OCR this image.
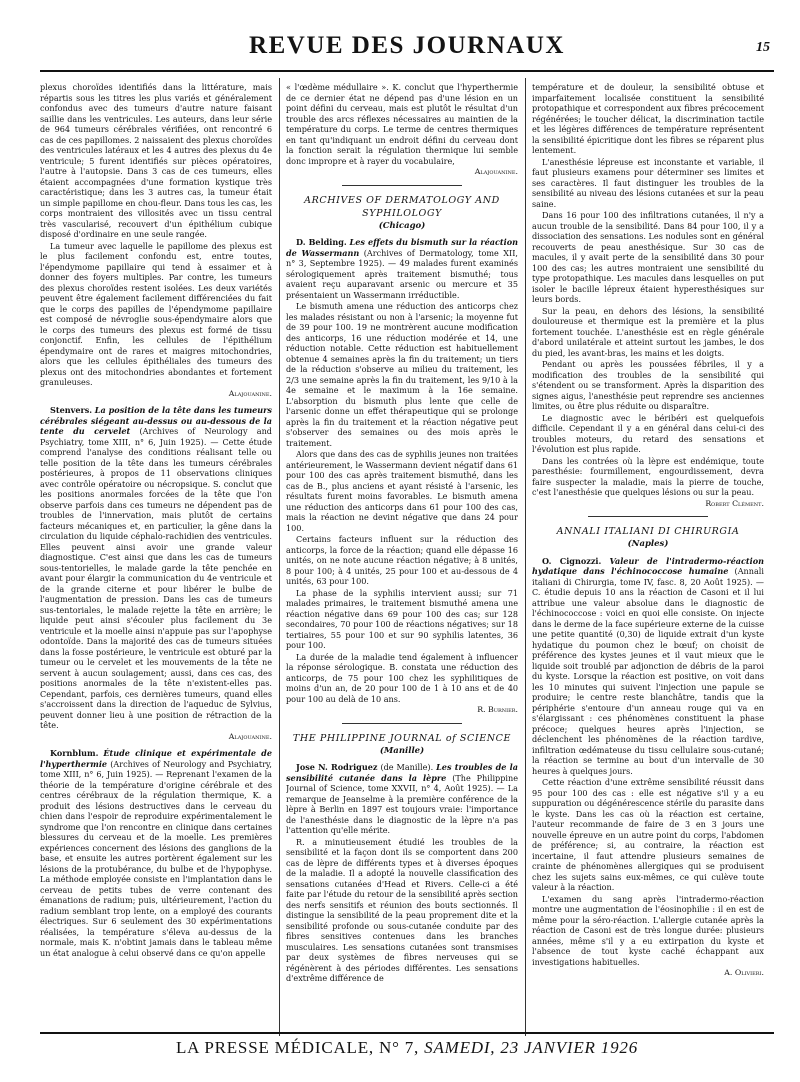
REVUE DES JOURNAUX	15

plexus choroïdes identifiés dans la littérature, mais répartis sous les titres les plus variés et généralement confondus avec des tumeurs d'autre nature faisant saillie dans les ventricules. Les auteurs, dans leur série de 964 tumeurs cérébrales vérifiées, ont rencontré 6 cas de ces papillomes. 2 naissaient des plexus choroïdes des ventricules latéraux et les 4 autres des plexus du 4e ventricule; 5 furent identifiés sur pièces opératoires, l'autre à l'autopsie. Dans 3 cas de ces tumeurs, elles étaient accompagnées d'une formation kystique très caractéristique; dans les 3 autres cas, la tumeur était un simple papillome en chou-fleur. Dans tous les cas, les corps montraient des villosités avec un tissu central très vascularisé, recouvert d'un épithélium cubique disposé d'ordinaire en une seule rangée.

La tumeur avec laquelle le papillome des plexus est le plus facilement confondu est, entre toutes, l'épendymome papillaire qui tend à essaimer et à donner des foyers multiples. Par contre, les tumeurs des plexus choroïdes restent isolées. Les deux variétés peuvent être également facilement différenciées du fait que le corps des papilles de l'épendymome papillaire est composé de névroglie sous-épendymaire alors que le corps des tumeurs des plexus est formé de tissu conjonctif. Enfin, les cellules de l'épithélium épendymaire ont de rares et maigres mitochondries, alors que les cellules épithéliales des tumeurs des plexus ont des mitochondries abondantes et fortement granuleuses.

Alajouanine.

Stenvers. La position de la tête dans les tumeurs cérébrales siégeant au-dessus ou au-dessous de la tente du cervelet (Archives of Neurology and Psychiatry, tome XIII, n° 6, Juin 1925). — Cette étude comprend l'analyse des conditions réalisant telle ou telle position de la tête dans les tumeurs cérébrales postérieures, à propos de 11 observations cliniques avec contrôle opératoire ou nécropsique. S. conclut que les positions anormales forcées de la tête que l'on observe parfois dans ces tumeurs ne dépendent pas de troubles de l'innervation, mais plutôt de certains facteurs mécaniques et, en particulier, la gêne dans la circulation du liquide céphalo-rachidien des ventricules. Elles peuvent ainsi avoir une grande valeur diagnostique. C'est ainsi que dans les cas de tumeurs sous-tentorielles, le malade garde la tête penchée en avant pour élargir la communication du 4e ventricule et de la grande citerne et pour libérer le bulbe de l'augmentation de pression. Dans les cas de tumeurs sus-tentoriales, le malade rejette la tête en arrière; le liquide peut ainsi s'écouler plus facilement du 3e ventricule et la moelle ainsi n'appuie pas sur l'apophyse odontoïde. Dans la majorité des cas de tumeurs situées dans la fosse postérieure, le ventricule est obturé par la tumeur ou le cervelet et les mouvements de la tête ne servent à aucun soulagement; aussi, dans ces cas, des positions anormales de la tête n'existent-elles pas. Cependant, parfois, ces dernières tumeurs, quand elles s'accroissent dans la direction de l'aqueduc de Sylvius, peuvent donner lieu à une position de rétraction de la tête.

Alajouanine.

Kornblum. Étude clinique et expérimentale de l'hyperthermie (Archives of Neurology and Psychiatry, tome XIII, n° 6, Juin 1925). — Reprenant l'examen de la théorie de la température d'origine cérébrale et des centres cérébraux de la régulation thermique, K. a produit des lésions destructives dans le cerveau du chien dans l'espoir de reproduire expérimentalement le syndrome que l'on rencontre en clinique dans certaines blessures du cerveau et de la moelle. Les premières expériences concernent des lésions des ganglions de la base, et ensuite les autres portèrent également sur les lésions de la protubérance, du bulbe et de l'hypophyse. La méthode employée consiste en l'implantation dans le cerveau de petits tubes de verre contenant des émanations de radium; puis, ultérieurement, l'action du radium semblant trop lente, on a employé des courants électriques. Sur 6 seulement des 30 expérimentations réalisées, la température s'éleva au-dessus de la normale, mais K. n'obtint jamais dans le tableau même un état analogue à celui observé dans ce qu'on appelle

« l'œdème médullaire ». K. conclut que l'hyperthermie de ce dernier état ne dépend pas d'une lésion en un point défini du cerveau, mais est plutôt le résultat d'un trouble des arcs réflexes nécessaires au maintien de la température du corps. Le terme de centres thermiques en tant qu'indiquant un endroit défini du cerveau dont la fonction serait la régulation thermique lui semble donc impropre et à rayer du vocabulaire,

Alajouanine.
ARCHIVES OF DERMATOLOGY AND SYPHILOLOGY
(Chicago)

D. Belding. Les effets du bismuth sur la réaction de Wassermann (Archives of Dermatology, tome XII, n° 3, Septembre 1925). — 49 malades furent examinés sérologiquement après traitement bismuthé; tous avaient reçu auparavant arsenic ou mercure et 35 présentaient un Wassermann irréductible.

Le bismuth amena une réduction des anticorps chez les malades résistant ou non à l'arsenic; la moyenne fut de 39 pour 100. 19 ne montrèrent aucune modification des anticorps, 16 une réduction modérée et 14, une réduction notable. Cette réduction est habituellement obtenue 4 semaines après la fin du traitement; un tiers de la réduction s'observe au milieu du traitement, les 2/3 une semaine après la fin du traitement, les 9/10 à la 4e semaine et le maximum à la 16e semaine. L'absorption du bismuth plus lente que celle de l'arsenic donne un effet thérapeutique qui se prolonge après la fin du traitement et la réaction négative peut s'observer des semaines ou des mois après le traitement.

Alors que dans des cas de syphilis jeunes non traitées antérieurement, le Wassermann devient négatif dans 61 pour 100 des cas après traitement bismuthé, dans les cas de B., plus anciens et ayant résisté à l'arsenic, les résultats furent moins favorables. Le bismuth amena une réduction des anticorps dans 61 pour 100 des cas, mais la réaction ne devint négative que dans 24 pour 100.

Certains facteurs influent sur la réduction des anticorps, la force de la réaction; quand elle dépasse 16 unités, on ne note aucune réaction négative; à 8 unités, 8 pour 100; à 4 unités, 25 pour 100 et au-dessous de 4 unités, 63 pour 100.

La phase de la syphilis intervient aussi; sur 71 malades primaires, le traitement bismuthé amena une réaction négative dans 69 pour 100 des cas; sur 128 secondaires, 70 pour 100 de réactions négatives; sur 18 tertiaires, 55 pour 100 et sur 90 syphilis latentes, 36 pour 100.

La durée de la maladie tend également à influencer la réponse sérologique. B. constata une réduction des anticorps, de 75 pour 100 chez les syphilitiques de moins d'un an, de 20 pour 100 de 1 à 10 ans et de 40 pour 100 au delà de 10 ans.

R. Burnier.
THE PHILIPPINE JOURNAL of SCIENCE
(Manille)

Jose N. Rodriguez (de Manille). Les troubles de la sensibilité cutanée dans la lèpre (The Philippine Journal of Science, tome XXVII, n° 4, Août 1925). — La remarque de Jeanselme à la première conférence de la lèpre à Berlin en 1897 est toujours vraie: l'importance de l'anesthésie dans le diagnostic de la lèpre n'a pas l'attention qu'elle mérite.

R. a minutieusement étudié les troubles de la sensibilité et la façon dont ils se comportent dans 200 cas de lèpre de différents types et à diverses époques de la maladie. Il a adopté la nouvelle classification des sensations cutanées d'Head et Rivers. Celle-ci a été faite par l'étude du retour de la sensibilité après section des nerfs sensitifs et réunion des bouts sectionnés. Il distingue la sensibilité de la peau proprement dite et la sensibilité profonde ou sous-cutanée conduite par des fibres sensitives contenues dans les branches musculaires. Les sensations cutanées sont transmises par deux systèmes de fibres nerveuses qui se régénèrent à des périodes différentes. Les sensations d'extrême différence de

température et de douleur, la sensibilité obtuse et imparfaitement localisée constituent la sensibilité protopathique et correspondent aux fibres précocement régénérées; le toucher délicat, la discrimination tactile et les légères différences de température représentent la sensibilité épicritique dont les fibres se réparent plus lentement.

L'anesthésie lépreuse est inconstante et variable, il faut plusieurs examens pour déterminer ses limites et ses caractères. Il faut distinguer les troubles de la sensibilité au niveau des lésions cutanées et sur la peau saine.

Dans 16 pour 100 des infiltrations cutanées, il n'y a aucun trouble de la sensibilité. Dans 84 pour 100, il y a dissociation des sensations. Les nodules sont en général recouverts de peau anesthésique. Sur 30 cas de macules, il y avait perte de la sensibilité dans 30 pour 100 des cas; les autres montraient une sensibilité du type protopathique. Les macules dans lesquelles on put isoler le bacille lépreux étaient hyperesthésiques sur leurs bords.

Sur la peau, en dehors des lésions, la sensibilité douloureuse et thermique est la première et la plus fortement touchée. L'anesthésie est en règle générale d'abord unilatérale et atteint surtout les jambes, le dos du pied, les avant-bras, les mains et les doigts.

Pendant ou après les poussées fébriles, il y a modification des troubles de la sensibilité qui s'étendent ou se transforment. Après la disparition des signes aigus, l'anesthésie peut reprendre ses anciennes limites, ou être plus réduite ou disparaître.

Le diagnostic avec le béribéri est quelquefois difficile. Cependant il y a en général dans celui-ci des troubles moteurs, du retard des sensations et l'évolution est plus rapide.

Dans les contrées où la lèpre est endémique, toute paresthésie: fourmillement, engourdissement, devra faire suspecter la maladie, mais la pierre de touche, c'est l'anesthésie que quelques lésions ou sur la peau.

Robert Clément.
ANNALI ITALIANI DI CHIRURGIA
(Naples)

O. Cignozzi. Valeur de l'intradermo-réaction hydatique dans l'échinococcose humaine (Annali italiani di Chirurgia, tome IV, fasc. 8, 20 Août 1925). — C. étudie depuis 10 ans la réaction de Casoni et il lui attribue une valeur absolue dans le diagnostic de l'échinococcose : voici en quoi elle consiste. On injecte dans le derme de la face supérieure externe de la cuisse une petite quantité (0,30) de liquide extrait d'un kyste hydatique du poumon chez le bœuf; on choisit de préférence des kystes jeunes et il vaut mieux que le liquide soit troublé par adjonction de débris de la paroi du kyste. Lorsque la réaction est positive, on voit dans les 10 minutes qui suivent l'injection une papule se produire; le centre reste blanchâtre, tandis que la périphérie s'entoure d'un anneau rouge qui va en s'élargissant : ces phénomènes constituent la phase précoce; quelques heures après l'injection, se déclenchent les phénomènes de la réaction tardive, infiltration œdémateuse du tissu cellulaire sous-cutané; la réaction se termine au bout d'un intervalle de 30 heures à quelques jours.

Cette réaction d'une extrême sensibilité réussit dans 95 pour 100 des cas : elle est négative s'il y a eu suppuration ou dégénérescence stérile du parasite dans le kyste. Dans les cas où la réaction est certaine, l'auteur recommande de faire de 3 en 3 jours une nouvelle épreuve en un autre point du corps, l'abdomen de préférence; si, au contraire, la réaction est incertaine, il faut attendre plusieurs semaines de crainte de phénomènes allergiques qui se produisent chez les sujets sains eux-mêmes, ce qui culève toute valeur à la réaction.

L'examen du sang après l'intradermo-réaction montre une augmentation de l'éosinophilie : il en est de même pour la séro-réaction. L'allergie cutanée après la réaction de Casoni est de très longue durée: plusieurs années, même s'il y a eu extirpation du kyste et l'absence de tout kyste caché échappant aux investigations habituelles.

A. Olivieri.
LA PRESSE MÉDICALE, N° 7, SAMEDI, 23 JANVIER 1926
